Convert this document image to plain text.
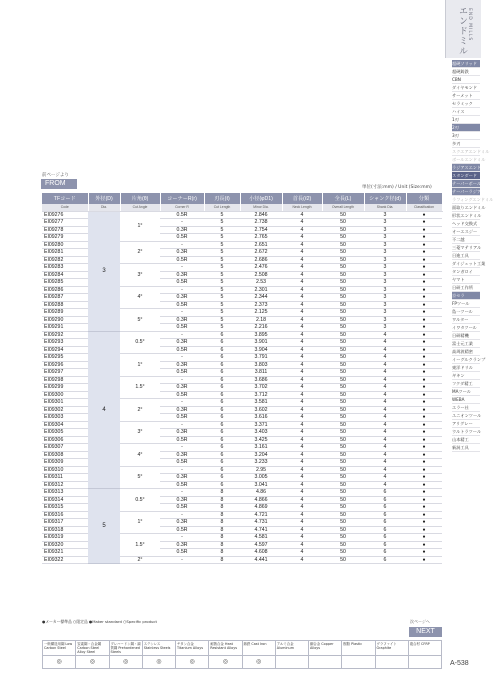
エンドミル END MILLS
超硬ソリッド
超硬鋳鉄
CBN
ダイヤモンド
サーメット
セラミック
ハイス
1刃
2刃
3刃
多刃
スクエアエンドミル
ボールエンドミル
ラジアスエンドミル
スタンダード
テーパーボール
テーパーラジアス
ラフィングエンドミル
面取りエンドミル
形状エンドミル
ヘッド交換式
オーエスジー
不二越
三菱マテリアル
日進工具
ダイジェット工業
タンガロイ
ヤマト
日研工作所
京セラ
FPツール
島一ツール
ワルター
イワタツール
日研精機
富士元工業
高周波精密
イーグルクランプ
東洋ドリル
ギキン
フクダ精工
MAツール
WEBA
エラー社
ユニオンツール
アリグレー
ウルトラツール
山本精工
新潟工具
前ページより
FROM
単位(寸法:mm) / Unit (Size:mm)
TFコード	外径(D)	片角(θ)	コーナーR(r)	刃長(ℓ)	小径(φD1)	首長(ℓ2)	全長(L)	シャンク径(d)	分類
Code	Dia.	Cut Angle	Corner R	Cut Length	Minor Dia.	Neck Length	Overall Length	Shank Dia.	Classification
EI09276	3	1°	0.5R	5	2.846	4	50	3	●
EI09277			-	5	2.738	4	50	3	●
EI09278			0.3R	5	2.754	4	50	3	●
EI09279			0.5R	5	2.765	4	50	3	●
EI09280		2°	-	5	2.651	4	50	3	●
EI09281			0.3R	5	2.672	4	50	3	●
EI09282			0.5R	5	2.686	4	50	3	●
EI09283		3°	-	5	2.476	4	50	3	●
EI09284			0.3R	5	2.508	4	50	3	●
EI09285			0.5R	5	2.53	4	50	3	●
EI09286		4°	-	5	2.301	4	50	3	●
EI09287			0.3R	5	2.344	4	50	3	●
EI09288			0.5R	5	2.373	4	50	3	●
EI09289		5°	-	5	2.125	4	50	3	●
EI09290			0.3R	5	2.18	4	50	3	●
EI09291			0.5R	5	2.216	4	50	3	●
EI09292	4	0.5°	-	6	3.895	4	50	4	●
EI09293			0.3R	6	3.901	4	50	4	●
EI09294			0.5R	6	3.904	4	50	4	●
EI09295		1°	-	6	3.791	4	50	4	●
EI09296			0.3R	6	3.803	4	50	4	●
EI09297			0.5R	6	3.811	4	50	4	●
EI09298		1.5°	-	6	3.686	4	50	4	●
EI09299			0.3R	6	3.702	4	50	4	●
EI09300			0.5R	6	3.712	4	50	4	●
EI09301		2°	-	6	3.581	4	50	4	●
EI09302			0.3R	6	3.602	4	50	4	●
EI09303			0.5R	6	3.616	4	50	4	●
EI09304		3°	-	6	3.371	4	50	4	●
EI09305			0.3R	6	3.403	4	50	4	●
EI09306			0.5R	6	3.425	4	50	4	●
EI09307		4°	-	6	3.161	4	50	4	●
EI09308			0.3R	6	3.204	4	50	4	●
EI09309			0.5R	6	3.233	4	50	4	●
EI09310		5°	-	6	2.95	4	50	4	●
EI09311			0.3R	6	3.005	4	50	4	●
EI09312			0.5R	6	3.041	4	50	4	●
EI09313	5	0.5°	-	8	4.86	4	50	6	●
EI09314			0.3R	8	4.866	4	50	6	●
EI09315			0.5R	8	4.869	4	50	6	●
EI09316		1°	-	8	4.721	4	50	6	●
EI09317			0.3R	8	4.731	4	50	6	●
EI09318			0.5R	8	4.741	4	50	6	●
EI09319		1.5°	-	8	4.581	4	50	6	●
EI09320			0.3R	8	4.597	4	50	6	●
EI09321			0.5R	8	4.608	4	50	6	●
EI09322		2°	-	8	4.441	4	50	6	●
●メーカー標準品 ○限定品 ●Maker standard ○Specific product	次ページへ
NEXT
一般構造用鋼 Low Carbon Steel	炭素鋼・合金鋼 Carbon Steel Alloy Steel	プレハードン鋼・調質鋼 Prehardened Steels	ステンレス Stainless Steels	チタン合金 Titanium Alloys	耐熱合金 Heat Resistant Alloys	鋳鉄 Cast Iron	アルミ合金 Aluminum	銅合金 Copper Alloys	樹脂 Plastic	グラファイト Graphite	複合材 CFRP
◎	◎	◎	◎	◎	◎	◎						A-538
